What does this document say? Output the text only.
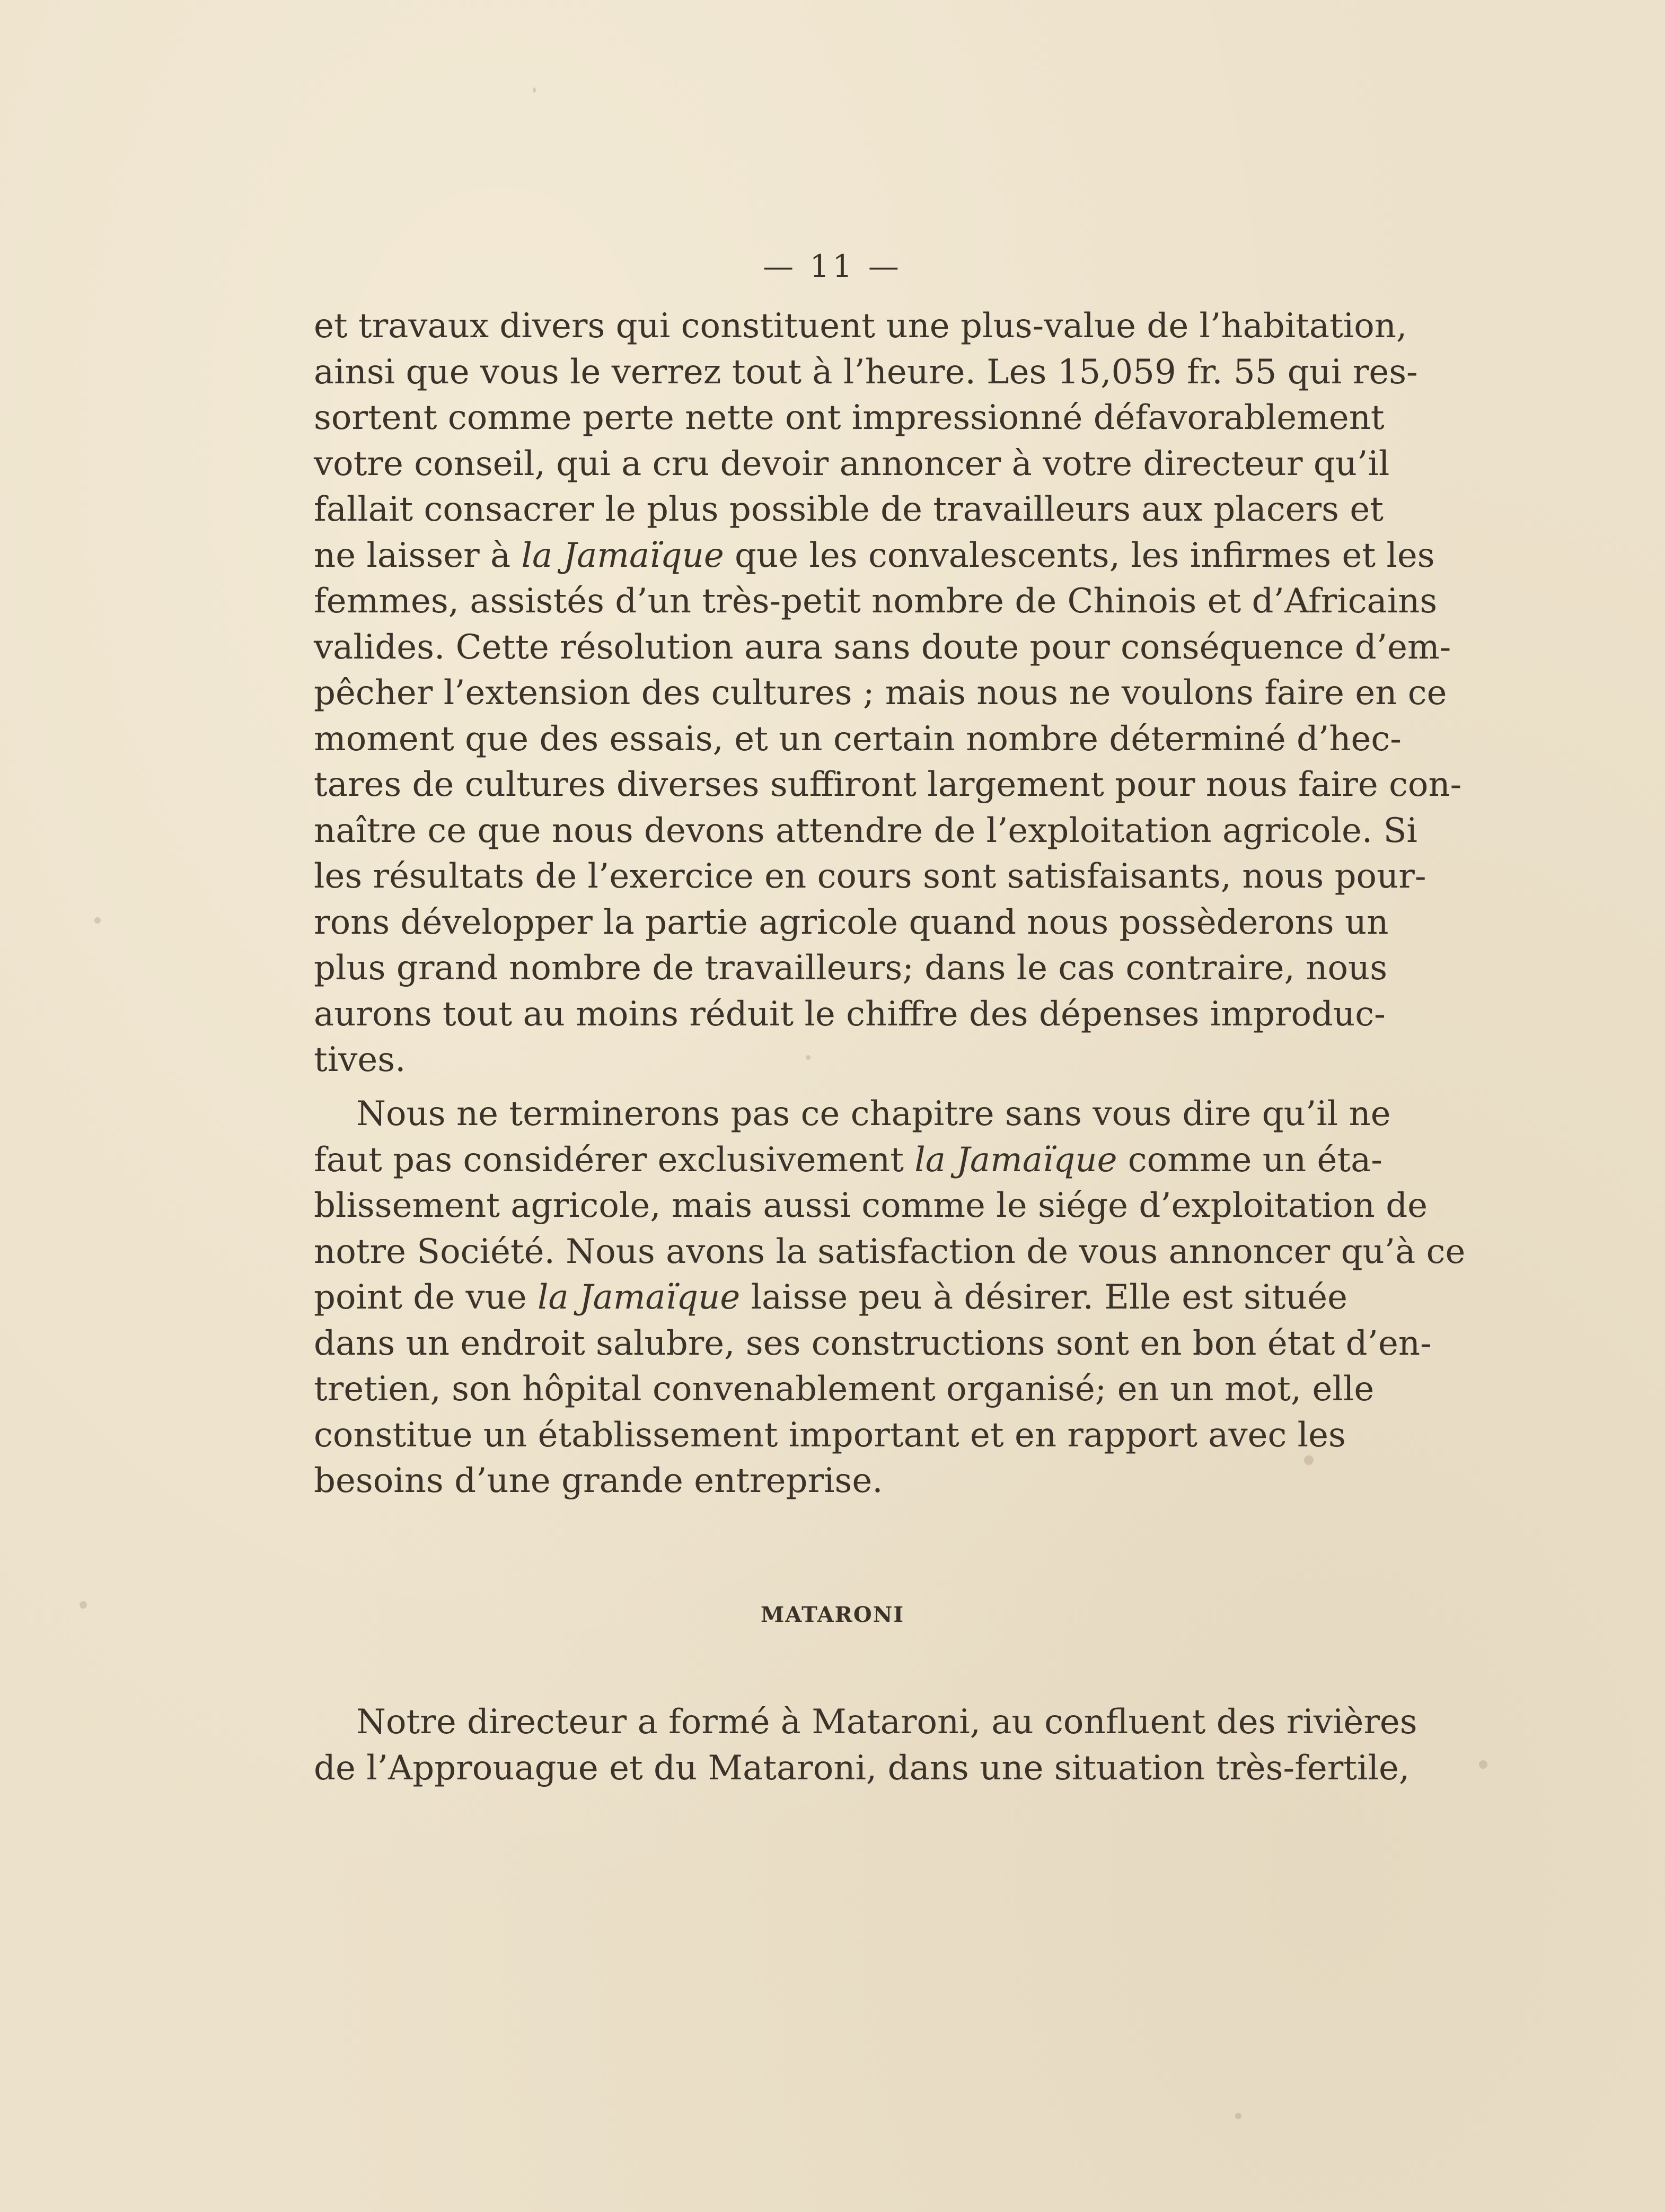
— 11 —
et travaux divers qui constituent une plus-value de l’habitation,
ainsi que vous le verrez tout à l’heure. Les 15,059 fr. 55 qui res-
sortent comme perte nette ont impressionné défavorablement
votre conseil, qui a cru devoir annoncer à votre directeur qu’il
fallait consacrer le plus possible de travailleurs aux placers et
ne laisser à la Jamaïque que les convalescents, les infirmes et les
femmes, assistés d’un très-petit nombre de Chinois et d’Africains
valides. Cette résolution aura sans doute pour conséquence d’em-
pêcher l’extension des cultures ; mais nous ne voulons faire en ce
moment que des essais, et un certain nombre déterminé d’hec-
tares de cultures diverses suffiront largement pour nous faire con-
naître ce que nous devons attendre de l’exploitation agricole. Si
les résultats de l’exercice en cours sont satisfaisants, nous pour-
rons développer la partie agricole quand nous possèderons un
plus grand nombre de travailleurs; dans le cas contraire, nous
aurons tout au moins réduit le chiffre des dépenses improduc-
tives.
Nous ne terminerons pas ce chapitre sans vous dire qu’il ne
faut pas considérer exclusivement la Jamaïque comme un éta-
blissement agricole, mais aussi comme le siége d’exploitation de
notre Société. Nous avons la satisfaction de vous annoncer qu’à ce
point de vue la Jamaïque laisse peu à désirer. Elle est située
dans un endroit salubre, ses constructions sont en bon état d’en-
tretien, son hôpital convenablement organisé; en un mot, elle
constitue un établissement important et en rapport avec les
besoins d’une grande entreprise.
MATARONI
Notre directeur a formé à Mataroni, au confluent des rivières
de l’Approuague et du Mataroni, dans une situation très-fertile,
